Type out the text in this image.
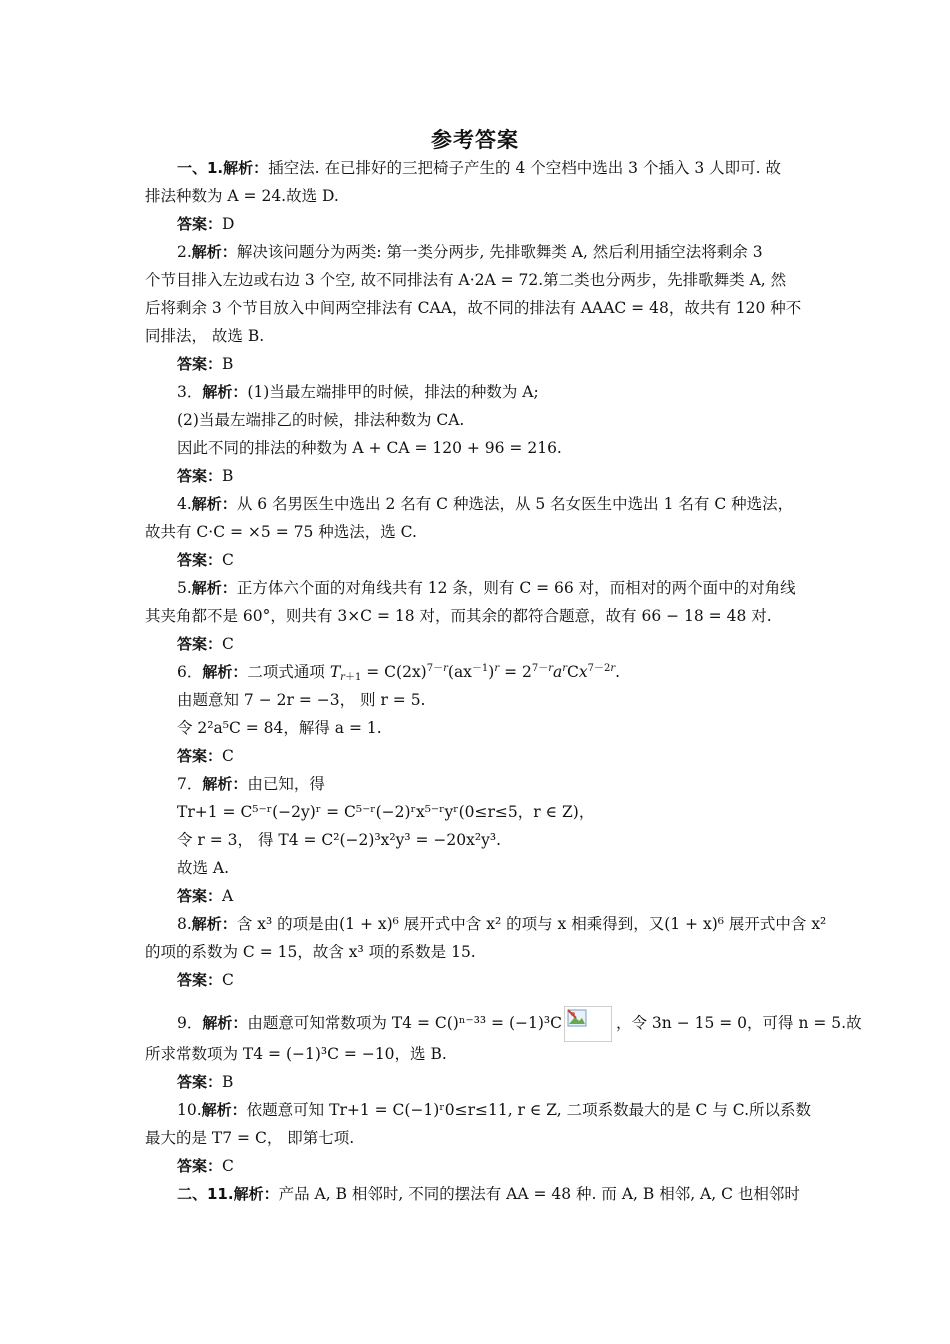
参考答案
一、1.解析：插空法. 在已排好的三把椅子产生的 4 个空档中选出 3 个插入 3 人即可. 故
排法种数为 A = 24.故选 D.
答案：D
2.解析：解决该问题分为两类: 第一类分两步, 先排歌舞类 A, 然后利用插空法将剩余 3
个节目排入左边或右边 3 个空, 故不同排法有 A·2A = 72.第二类也分两步，先排歌舞类 A, 然
后将剩余 3 个节目放入中间两空排法有 CAA，故不同的排法有 AAAC = 48，故共有 120 种不
同排法， 故选 B.
答案：B
3．解析：(1)当最左端排甲的时候，排法的种数为 A;
(2)当最左端排乙的时候，排法种数为 CA.
因此不同的排法的种数为 A + CA = 120 + 96 = 216.
答案：B
4.解析：从 6 名男医生中选出 2 名有 C 种选法，从 5 名女医生中选出 1 名有 C 种选法，
故共有 C·C = ×5 = 75 种选法，选 C.
答案：C
5.解析：正方体六个面的对角线共有 12 条，则有 C = 66 对，而相对的两个面中的对角线
其夹角都不是 60°，则共有 3×C = 18 对，而其余的都符合题意，故有 66 − 18 = 48 对.
答案：C
6．解析：二项式通项 $T_{r+1} = C(2x)^{7-r}(ax^{-1})^r = 2^{7-r}a^rCx^{7-2r}$.
由题意知 7 − 2r = −3， 则 r = 5.
令 2²a⁵C = 84，解得 a = 1.
答案：C
7．解析：由已知，得
Tr+1 = C⁵⁻ʳ(−2y)ʳ = C⁵⁻ʳ(−2)ʳx⁵⁻ʳyʳ(0≤r≤5，r ∈ Z)，
令 r = 3， 得 T4 = C²(−2)³x²y³ = −20x²y³.
故选 A.
答案：A
8.解析：含 x³ 的项是由(1 + x)⁶ 展开式中含 x² 的项与 x 相乘得到，又(1 + x)⁶ 展开式中含 x²
的项的系数为 C = 15，故含 x³ 项的系数是 15.
答案：C
9．解析：由题意可知常数项为 T4 = C()ⁿ⁻³³ = (−1)³C	，令 3n − 15 = 0，可得 n = 5.故
所求常数项为 T4 = (−1)³C = −10，选 B.
答案：B
10.解析：依题意可知 Tr+1 = C(−1)ʳ0≤r≤11, r ∈ Z, 二项系数最大的是 C 与 C.所以系数
最大的是 T7 = C， 即第七项.
答案：C
二、11.解析：产品 A, B 相邻时, 不同的摆法有 AA = 48 种. 而 A, B 相邻, A, C 也相邻时
